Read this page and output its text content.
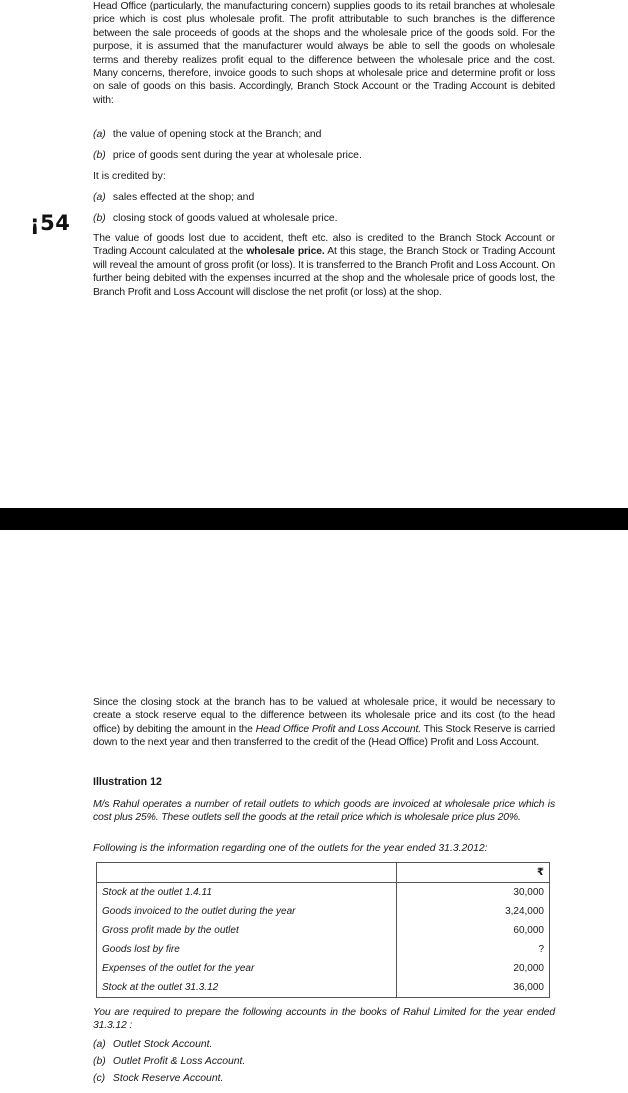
Head Office (particularly, the manufacturing concern) supplies goods to its retail branches at wholesale price which is cost plus wholesale profit. The profit attributable to such branches is the difference between the sale proceeds of goods at the shops and the wholesale price of the goods sold. For the purpose, it is assumed that the manufacturer would always be able to sell the goods on wholesale terms and thereby realizes profit equal to the difference between the wholesale price and the cost. Many concerns, therefore, invoice goods to such shops at wholesale price and determine profit or loss on sale of goods on this basis. Accordingly, Branch Stock Account or the Trading Account is debited with:

(a) the value of opening stock at the Branch; and
(b) price of goods sent during the year at wholesale price.
It is credited by:
(a) sales effected at the shop; and
(b) closing stock of goods valued at wholesale price.
¡54

The value of goods lost due to accident, theft etc. also is credited to the Branch Stock Account or Trading Account calculated at the wholesale price. At this stage, the Branch Stock or Trading Account will reveal the amount of gross profit (or loss). It is transferred to the Branch Profit and Loss Account. On further being debited with the expenses incurred at the shop and the wholesale price of goods lost, the Branch Profit and Loss Account will disclose the net profit (or loss) at the shop.

Since the closing stock at the branch has to be valued at wholesale price, it would be necessary to create a stock reserve equal to the difference between its wholesale price and its cost (to the head office) by debiting the amount in the Head Office Profit and Loss Account. This Stock Reserve is carried down to the next year and then transferred to the credit of the (Head Office) Profit and Loss Account.

Illustration 12

M/s Rahul operates a number of retail outlets to which goods are invoiced at wholesale price which is cost plus 25%. These outlets sell the goods at the retail price which is wholesale price plus 20%.

Following is the information regarding one of the outlets for the year ended 31.3.2012:
	₹
Stock at the outlet 1.4.11	30,000
Goods invoiced to the outlet during the year	3,24,000
Gross profit made by the outlet	60,000
Goods lost by fire	?
Expenses of the outlet for the year	20,000
Stock at the outlet 31.3.12	36,000

You are required to prepare the following accounts in the books of Rahul Limited for the year ended 31.3.12 :

(a) Outlet Stock Account.
(b) Outlet Profit & Loss Account.
(c) Stock Reserve Account.
